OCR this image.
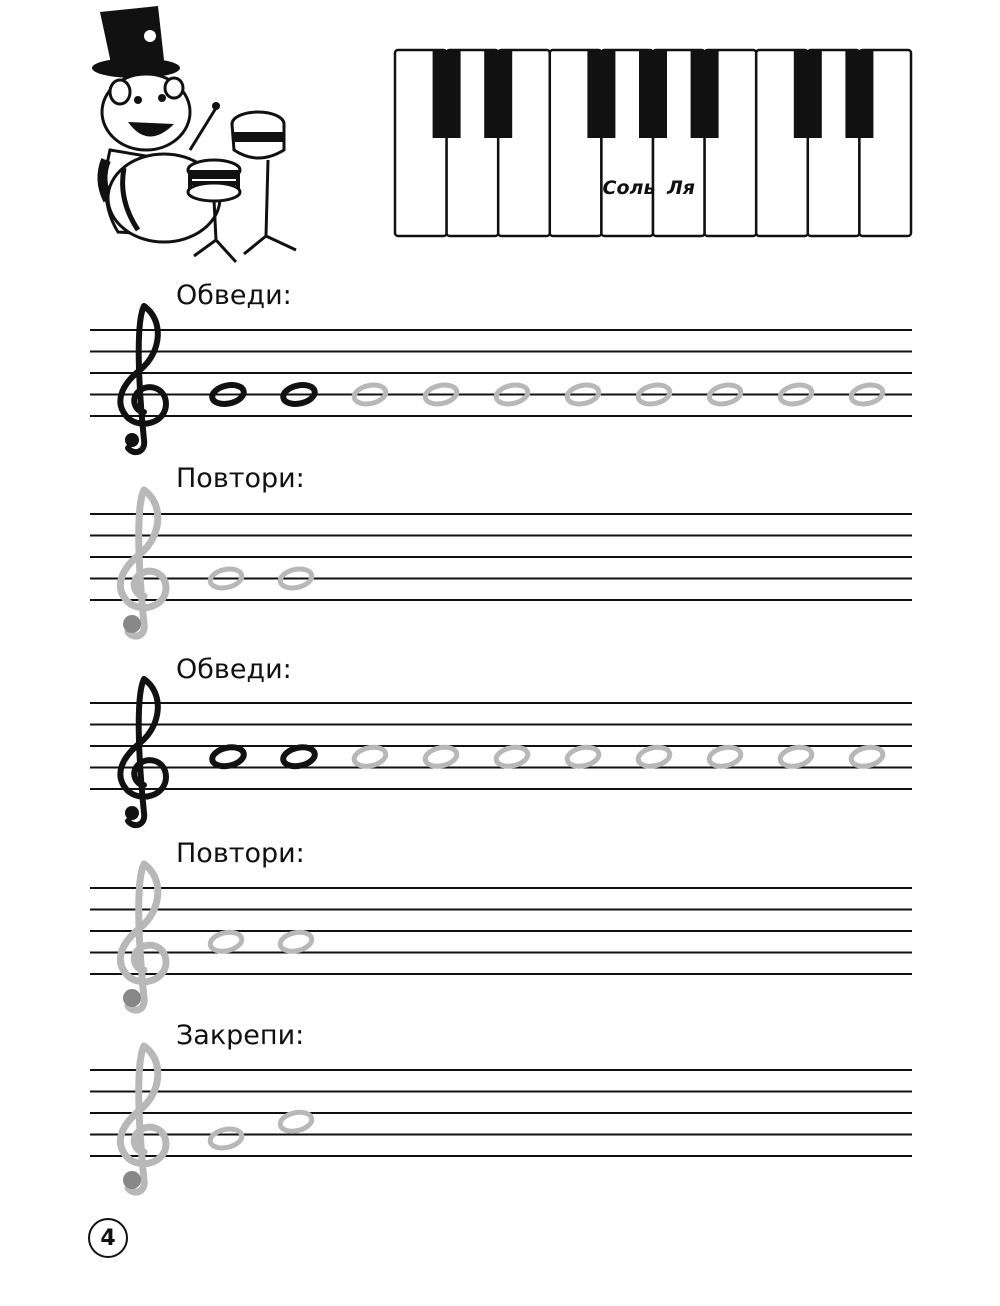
Соль Ля
Обведи:
Повтори:
Обведи:
Повтори:
Закрепи:
4
